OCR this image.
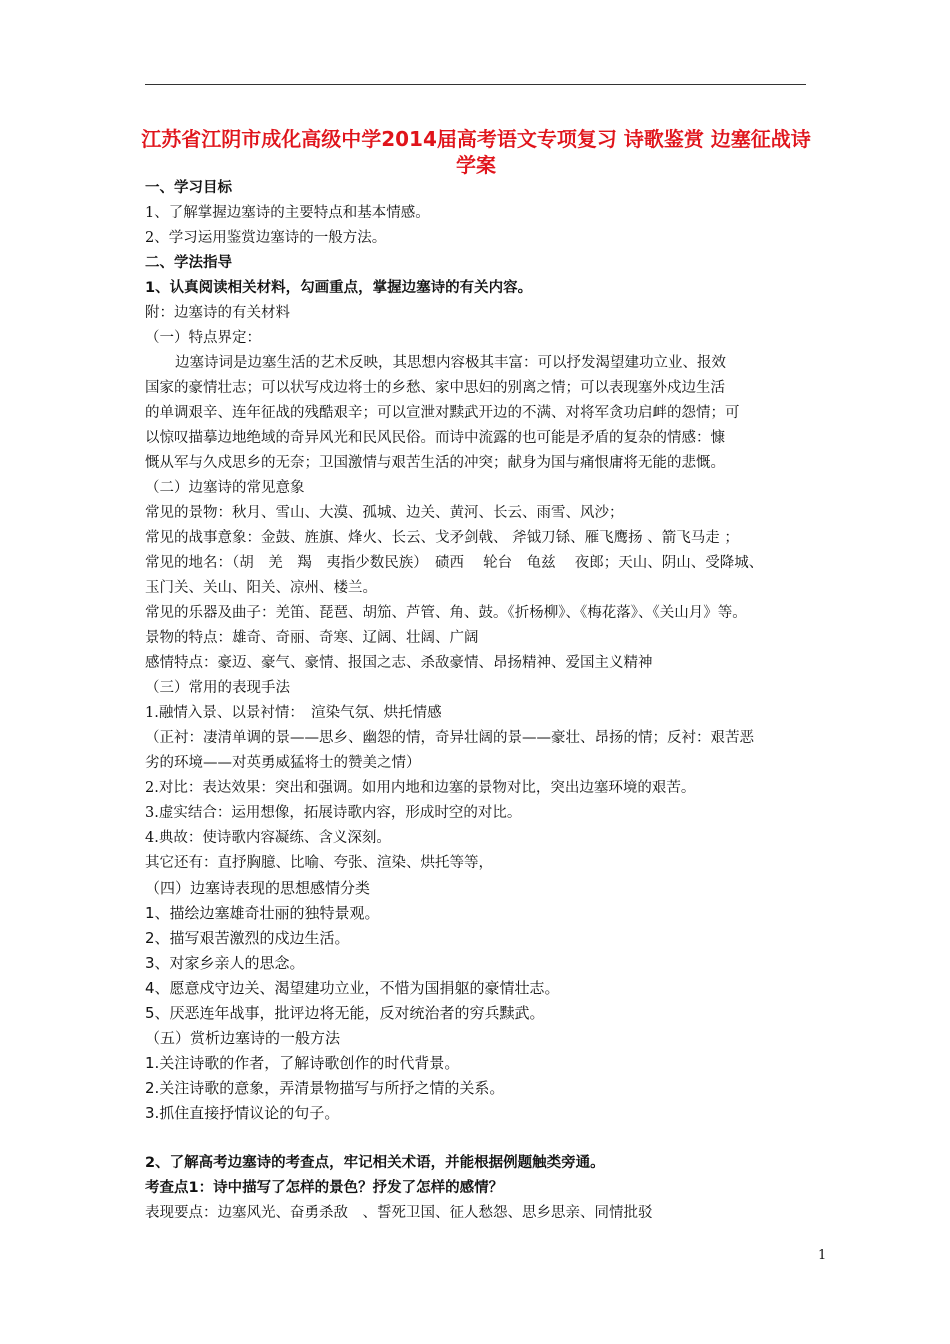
江苏省江阴市成化高级中学2014届高考语文专项复习 诗歌鉴赏 边塞征战诗学案
一、学习目标
1、了解掌握边塞诗的主要特点和基本情感。
2、学习运用鉴赏边塞诗的一般方法。
二、学法指导
1、认真阅读相关材料，勾画重点，掌握边塞诗的有关内容。
附：边塞诗的有关材料
（一）特点界定：
边塞诗词是边塞生活的艺术反映，其思想内容极其丰富：可以抒发渴望建功立业、报效
国家的豪情壮志；可以状写戍边将士的乡愁、家中思妇的别离之情；可以表现塞外戍边生活
的单调艰辛、连年征战的残酷艰辛；可以宣泄对黩武开边的不满、对将军贪功启衅的怨情；可
以惊叹描摹边地绝域的奇异风光和民风民俗。而诗中流露的也可能是矛盾的复杂的情感：慷
慨从军与久戍思乡的无奈；卫国激情与艰苦生活的冲突；献身为国与痛恨庸将无能的悲慨。
（二）边塞诗的常见意象
常见的景物：秋月、雪山、大漠、孤城、边关、黄河、长云、雨雪、风沙；
常见的战事意象：金鼓、旌旗、烽火、长云、戈矛剑戟、 斧钺刀铩、雁飞鹰扬 、箭飞马走 ；
常见的地名：（胡　羌　羯　夷指少数民族）　碛西　 轮台　龟兹　 夜郎；天山、阴山、受降城、
玉门关、关山、阳关、凉州、楼兰。
常见的乐器及曲子：羌笛、琵琶、胡笳、芦管、角、鼓。《折杨柳》、《梅花落》、《关山月》等。
景物的特点：雄奇、奇丽、奇寒、辽阔、壮阔、广阔
感情特点：豪迈、豪气、豪情、报国之志、杀敌豪情、昂扬精神、爱国主义精神
（三）常用的表现手法
1.融情入景、以景衬情：　渲染气氛、烘托情感
（正衬：凄清单调的景——思乡、幽怨的情，奇异壮阔的景——豪壮、昂扬的情；反衬：艰苦恶
劣的环境——对英勇威猛将士的赞美之情）
2.对比：表达效果：突出和强调。如用内地和边塞的景物对比，突出边塞环境的艰苦。
3.虚实结合：运用想像，拓展诗歌内容，形成时空的对比。
4.典故：使诗歌内容凝练、含义深刻。
其它还有：直抒胸臆、比喻、夸张、渲染、烘托等等，
（四）边塞诗表现的思想感情分类
1、描绘边塞雄奇壮丽的独特景观。
2、描写艰苦激烈的戍边生活。
3、对家乡亲人的思念。
4、愿意戍守边关、渴望建功立业，不惜为国捐躯的豪情壮志。
5、厌恶连年战事，批评边将无能，反对统治者的穷兵黩武。
（五）赏析边塞诗的一般方法
1.关注诗歌的作者，了解诗歌创作的时代背景。
2.关注诗歌的意象，弄清景物描写与所抒之情的关系。
3.抓住直接抒情议论的句子。
2、了解高考边塞诗的考查点，牢记相关术语，并能根据例题触类旁通。
考查点1：诗中描写了怎样的景色？抒发了怎样的感情？
表现要点：边塞风光、奋勇杀敌　、誓死卫国、征人愁怨、思乡思亲、同情批驳
1
